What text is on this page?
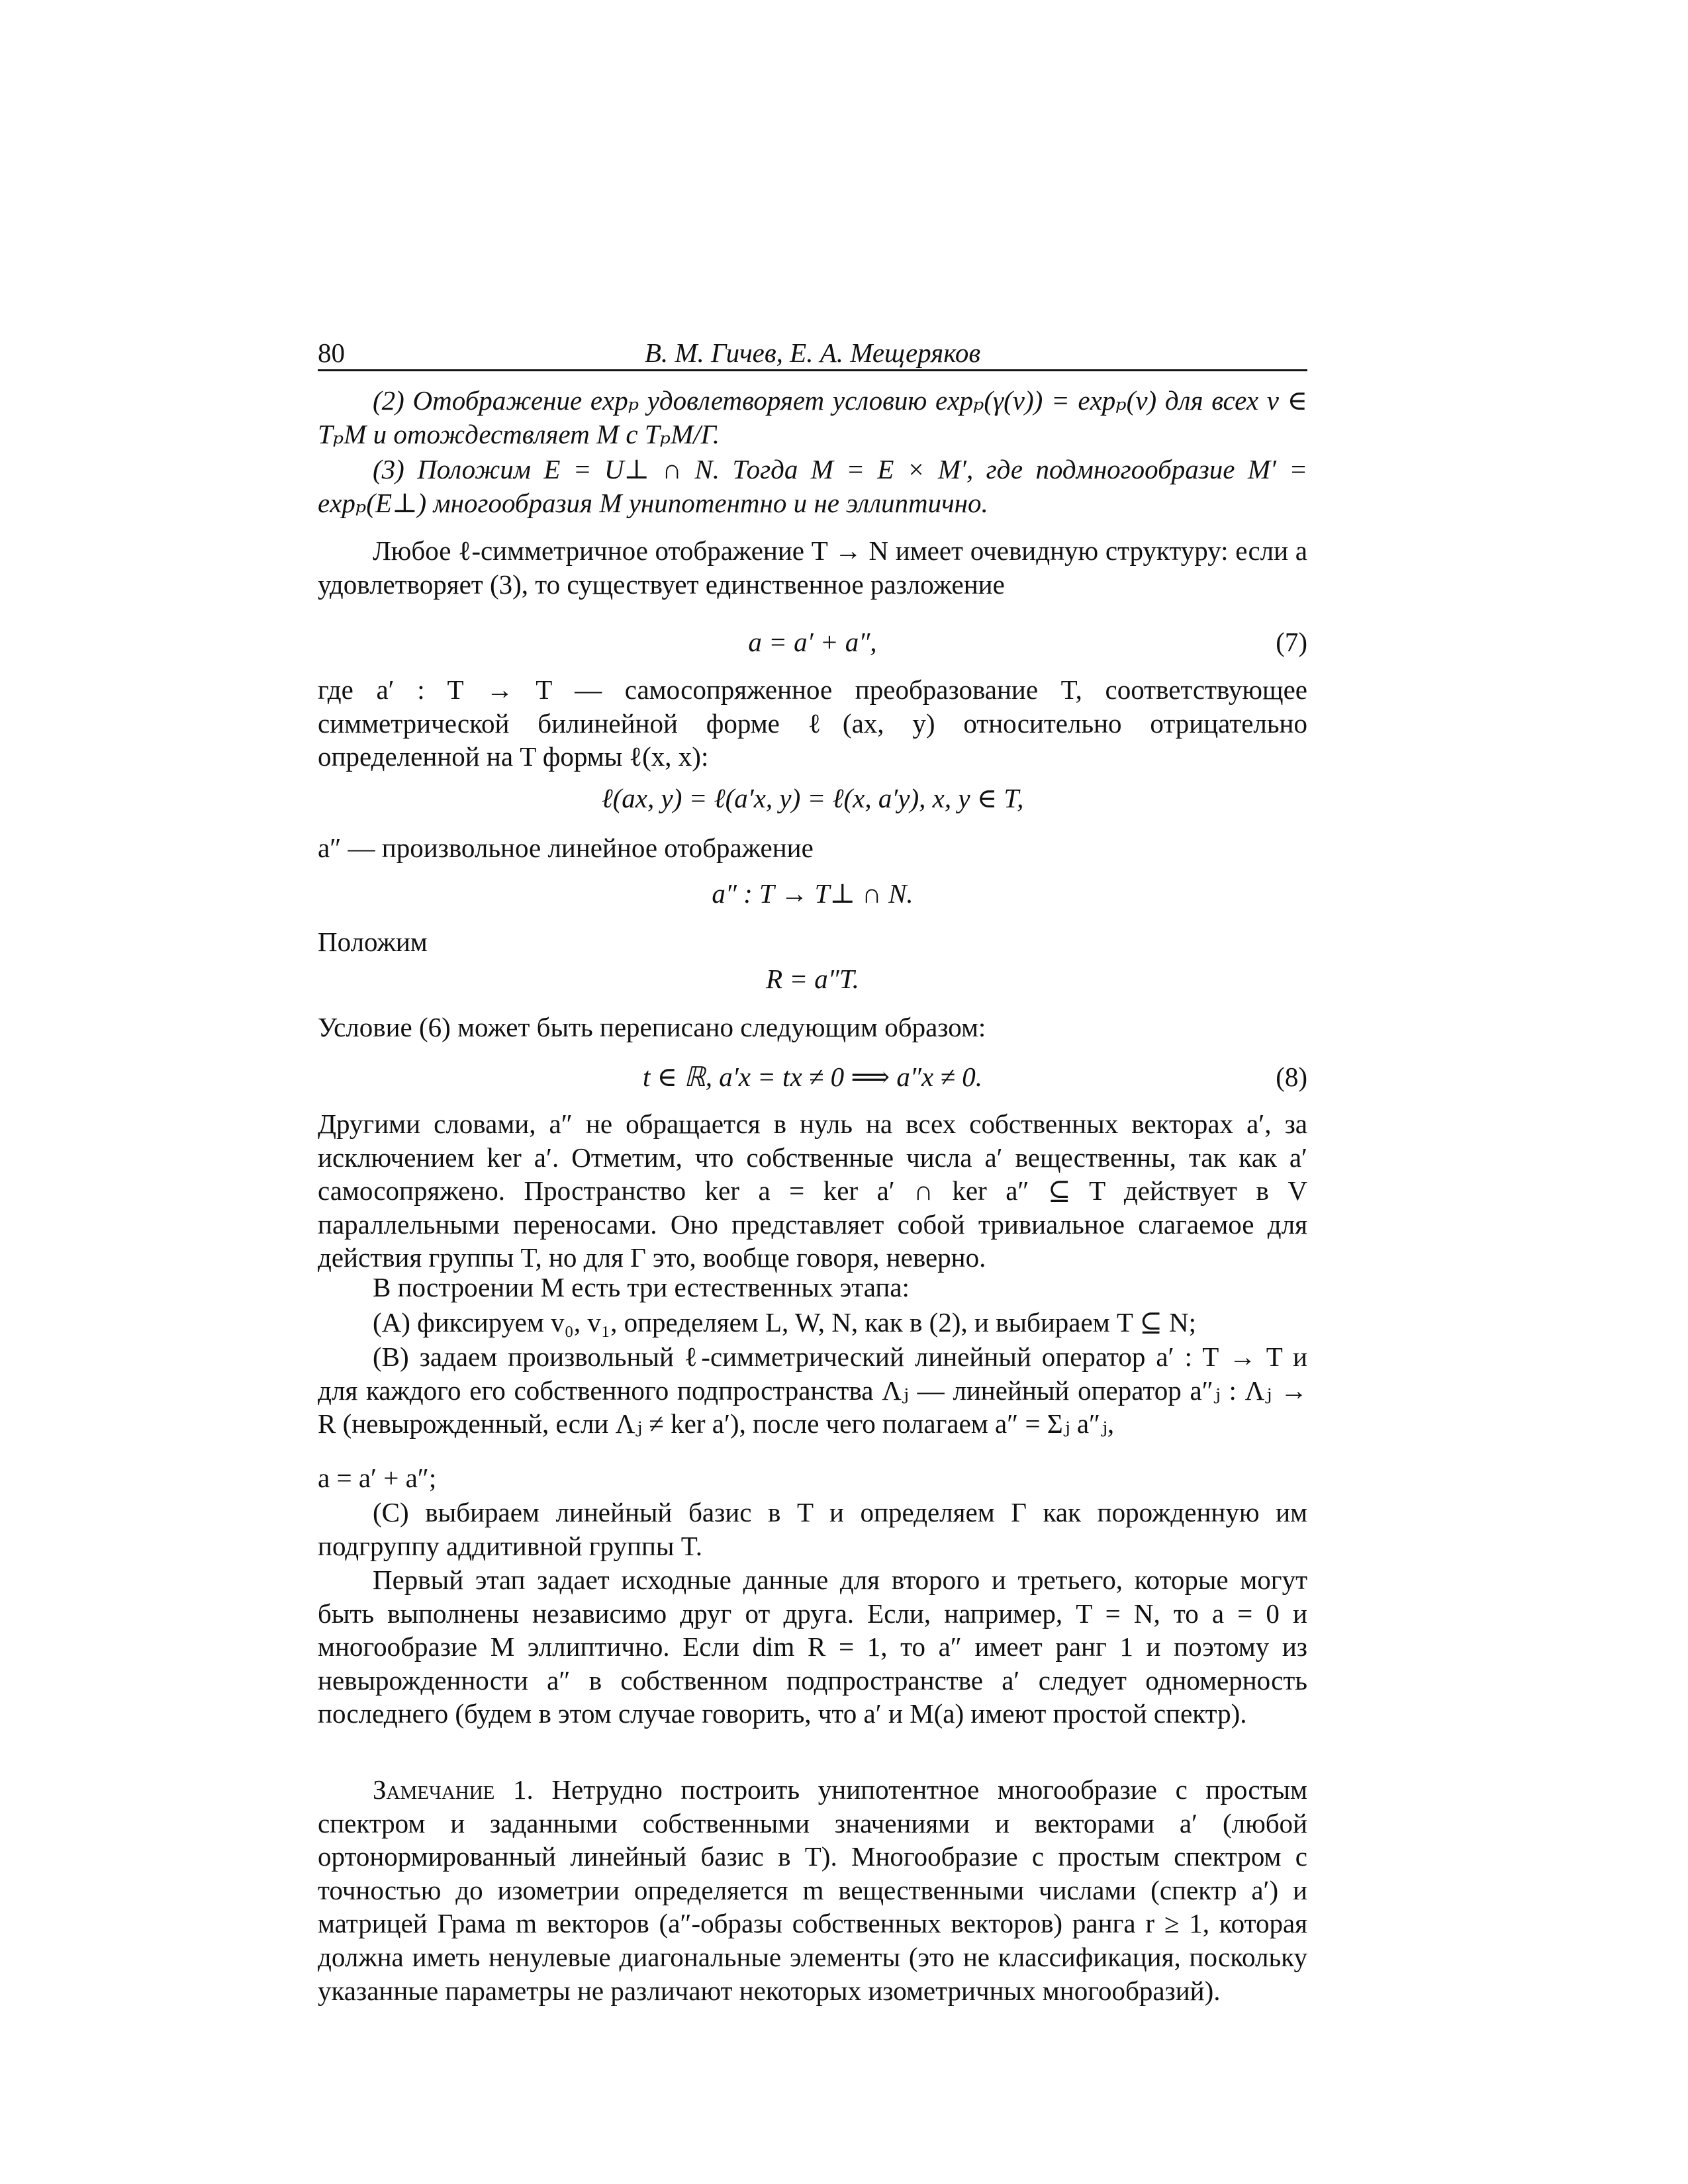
80	В. М. Гичев, Е. А. Мещеряков

(2) Отображение expₚ удовлетворяет условию expₚ(γ(v)) = expₚ(v) для всех v ∈ TₚM и отождествляет M с TₚM/Γ.

(3) Положим E = U⊥ ∩ N. Тогда M = E × M′, где подмногообразие M′ = expₚ(E⊥) многообразия M унипотентно и не эллиптично.

Любое ℓ-симметричное отображение T → N имеет очевидную структуру: если a удовлетворяет (3), то существует единственное разложение

a = a′ + a″,	(7)

где a′ : T → T — самосопряженное преобразование T, соответствующее симметрической билинейной форме ℓ(ax, y) относительно отрицательно определенной на T формы ℓ(x, x):

ℓ(ax, y) = ℓ(a′x, y) = ℓ(x, a′y), x, y ∈ T,

a″ — произвольное линейное отображение

a″ : T → T⊥ ∩ N.

Положим

R = a″T.

Условие (6) может быть переписано следующим образом:

t ∈ ℝ, a′x = tx ≠ 0 ⟹ a″x ≠ 0.	(8)

Другими словами, a″ не обращается в нуль на всех собственных векторах a′, за исключением ker a′. Отметим, что собственные числа a′ вещественны, так как a′ самосопряжено. Пространство ker a = ker a′ ∩ ker a″ ⊆ T действует в V параллельными переносами. Оно представляет собой тривиальное слагаемое для действия группы T, но для Γ это, вообще говоря, неверно.

В построении M есть три естественных этапа:

(A) фиксируем v₀, v₁, определяем L, W, N, как в (2), и выбираем T ⊆ N;

(B) задаем произвольный ℓ-симметрический линейный оператор a′ : T → T и для каждого его собственного подпространства Λⱼ — линейный оператор a″ⱼ : Λⱼ → R (невырожденный, если Λⱼ ≠ ker a′), после чего полагаем a″ = Σⱼ a″ⱼ,

a = a′ + a″;

(C) выбираем линейный базис в T и определяем Γ как порожденную им подгруппу аддитивной группы T.

Первый этап задает исходные данные для второго и третьего, которые могут быть выполнены независимо друг от друга. Если, например, T = N, то a = 0 и многообразие M эллиптично. Если dim R = 1, то a″ имеет ранг 1 и поэтому из невырожденности a″ в собственном подпространстве a′ следует одномерность последнего (будем в этом случае говорить, что a′ и M(a) имеют простой спектр).

Замечание 1. Нетрудно построить унипотентное многообразие с простым спектром и заданными собственными значениями и векторами a′ (любой ортонормированный линейный базис в T). Многообразие с простым спектром с точностью до изометрии определяется m вещественными числами (спектр a′) и матрицей Грама m векторов (a″-образы собственных векторов) ранга r ≥ 1, которая должна иметь ненулевые диагональные элементы (это не классификация, поскольку указанные параметры не различают некоторых изометричных многообразий).
